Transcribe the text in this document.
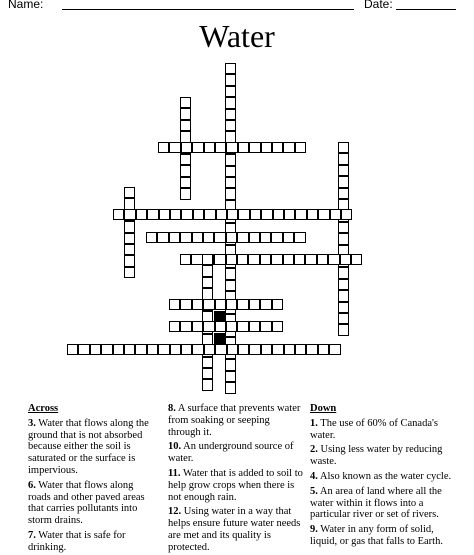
Name:	Date:
Water
Across
3. Water that flows along the ground that is not absorbed because either the soil is saturated or the surface is impervious.
6. Water that flows along roads and other paved areas that carries pollutants into storm drains.
7. Water that is safe for drinking.
8. A surface that prevents water from soaking or seeping through it.
10. An underground source of water.
11. Water that is added to soil to help grow crops when there is not enough rain.
12. Using water in a way that helps ensure future water needs are met and its quality is protected.
Down
1. The use of 60% of Canada's water.
2. Using less water by reducing waste.
4. Also known as the water cycle.
5. An area of land where all the water within it flows into a particular river or set of rivers.
9. Water in any form of solid, liquid, or gas that falls to Earth.
